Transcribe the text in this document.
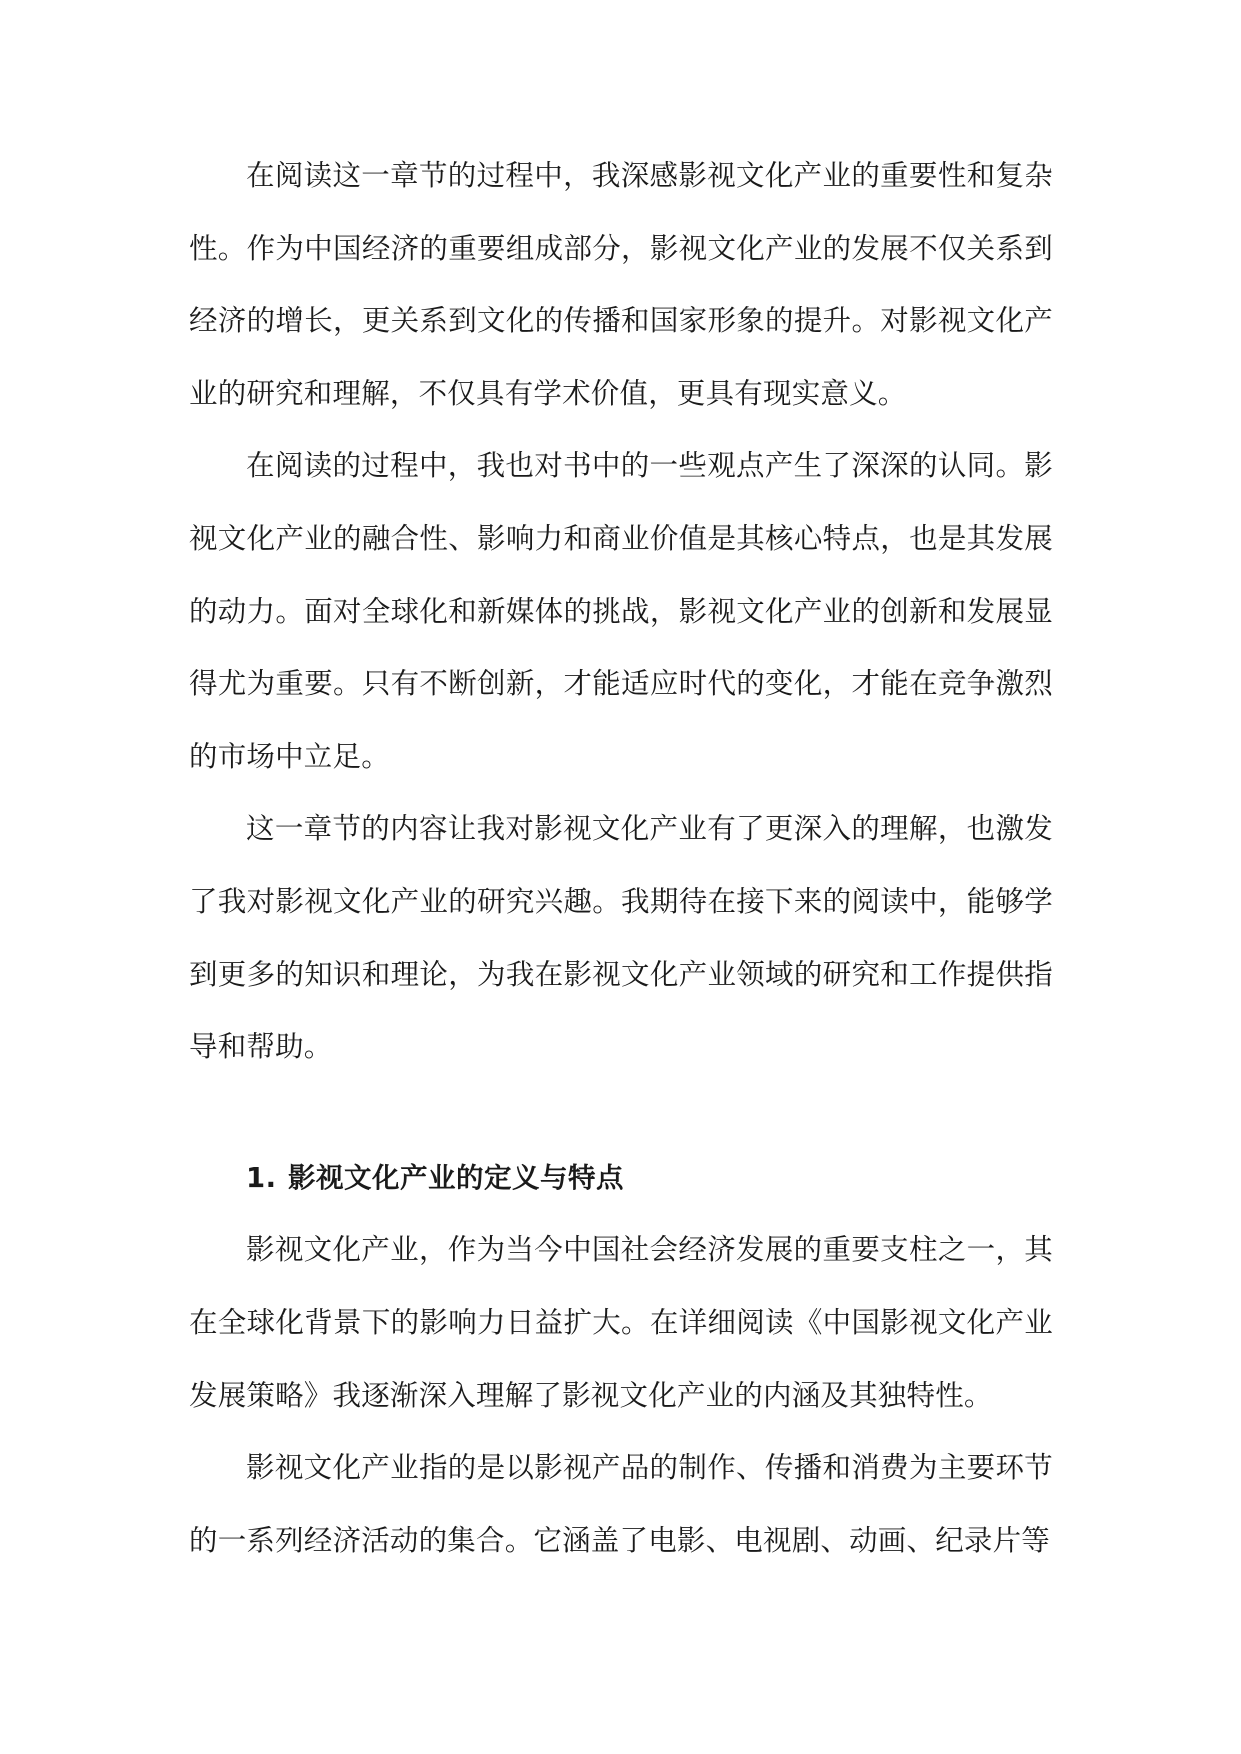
在阅读这一章节的过程中，我深感影视文化产业的重要性和复杂性。作为中国经济的重要组成部分，影视文化产业的发展不仅关系到经济的增长，更关系到文化的传播和国家形象的提升。对影视文化产业的研究和理解，不仅具有学术价值，更具有现实意义。

在阅读的过程中，我也对书中的一些观点产生了深深的认同。影视文化产业的融合性、影响力和商业价值是其核心特点，也是其发展的动力。面对全球化和新媒体的挑战，影视文化产业的创新和发展显得尤为重要。只有不断创新，才能适应时代的变化，才能在竞争激烈的市场中立足。

这一章节的内容让我对影视文化产业有了更深入的理解，也激发了我对影视文化产业的研究兴趣。我期待在接下来的阅读中，能够学到更多的知识和理论，为我在影视文化产业领域的研究和工作提供指导和帮助。

1. 影视文化产业的定义与特点

影视文化产业，作为当今中国社会经济发展的重要支柱之一，其在全球化背景下的影响力日益扩大。在详细阅读《中国影视文化产业发展策略》我逐渐深入理解了影视文化产业的内涵及其独特性。

影视文化产业指的是以影视产品的制作、传播和消费为主要环节的一系列经济活动的集合。它涵盖了电影、电视剧、动画、纪录片等
